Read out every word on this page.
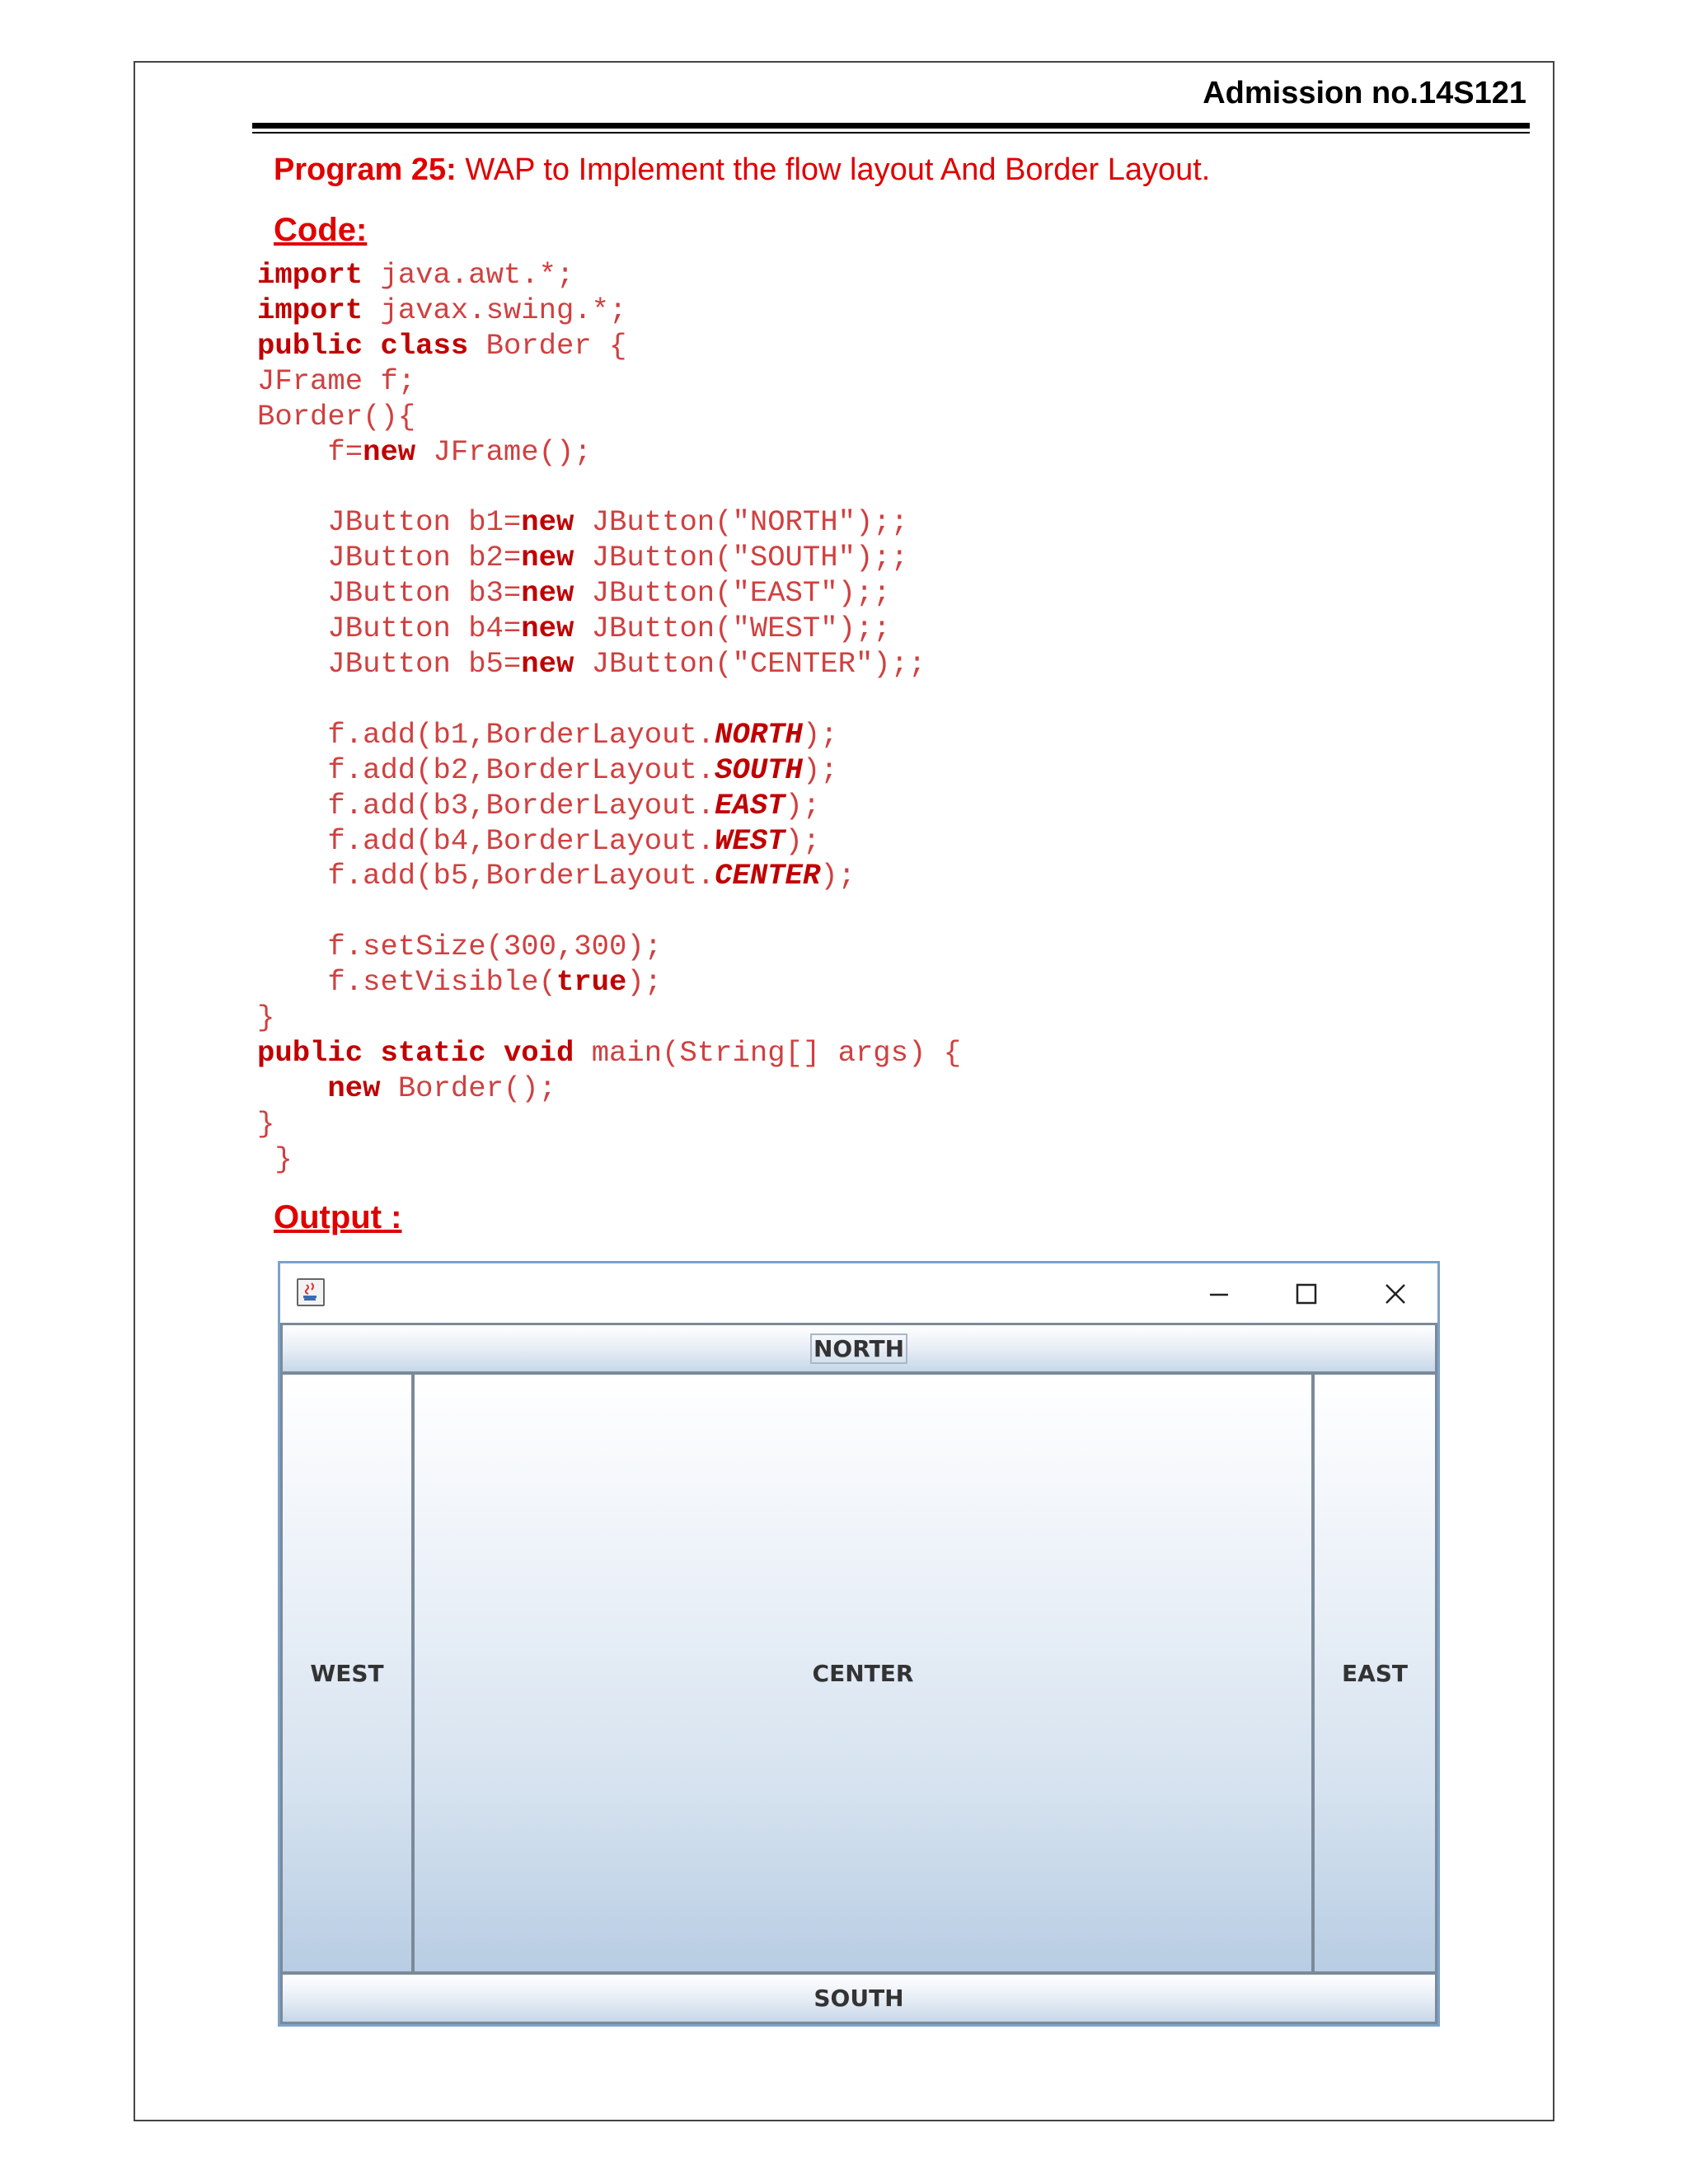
Admission no.14S121
Program 25: WAP to Implement the flow layout And Border Layout.
Code:
import java.awt.*;
import javax.swing.*;
public class Border {
JFrame f;
Border(){
f=new JFrame();

JButton b1=new JButton("NORTH");;
JButton b2=new JButton("SOUTH");;
JButton b3=new JButton("EAST");;
JButton b4=new JButton("WEST");;
JButton b5=new JButton("CENTER");;

f.add(b1,BorderLayout.NORTH);
f.add(b2,BorderLayout.SOUTH);
f.add(b3,BorderLayout.EAST);
f.add(b4,BorderLayout.WEST);
f.add(b5,BorderLayout.CENTER);

f.setSize(300,300);
f.setVisible(true);
}
public static void main(String[] args) {
new Border();
}
}
Output :
NORTH
WEST	CENTER	EAST
SOUTH
